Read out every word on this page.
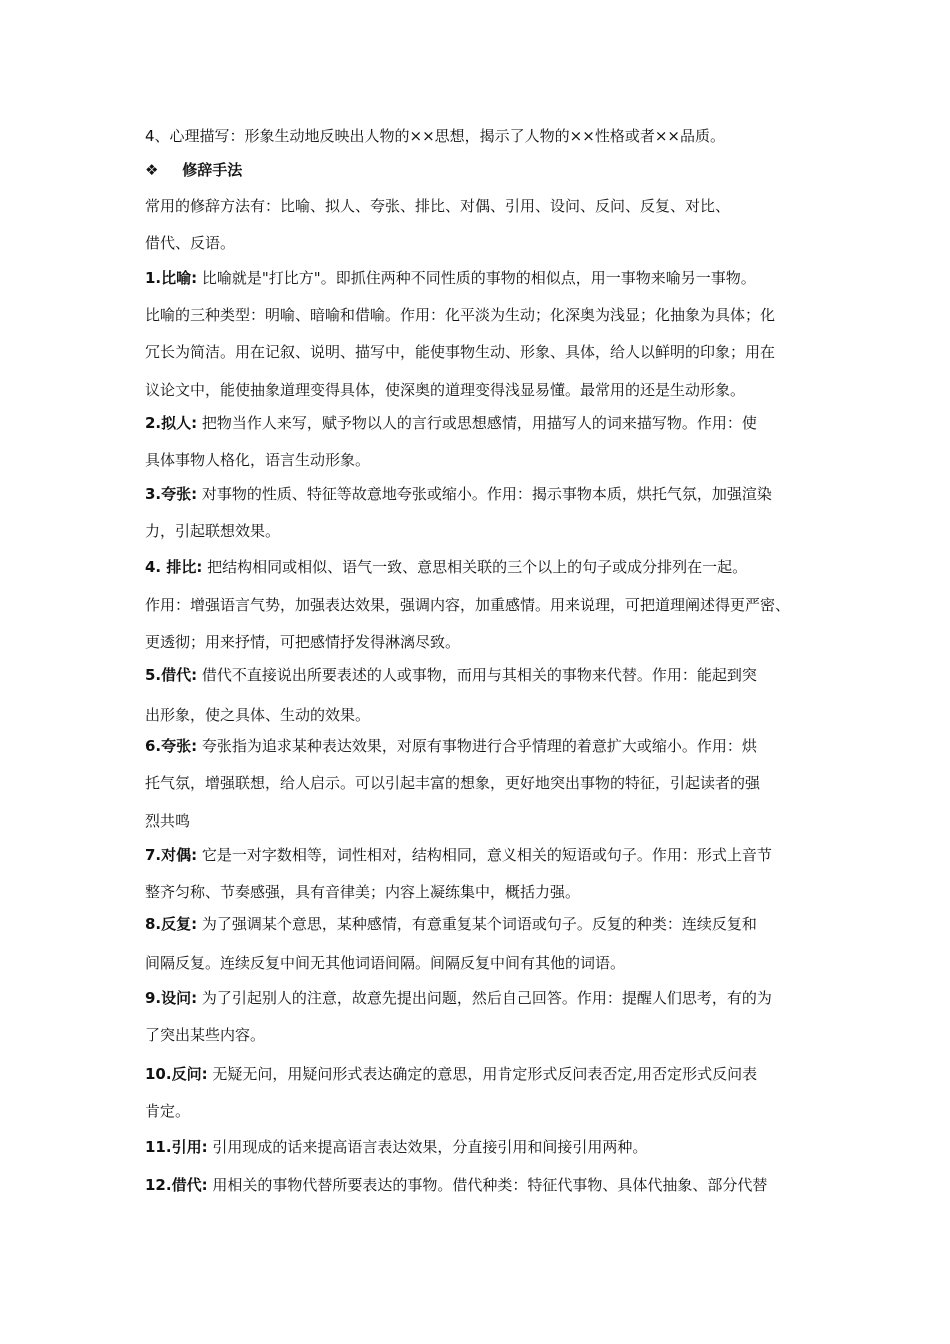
4、心理描写：形象生动地反映出人物的××思想，揭示了人物的××性格或者××品质。
❖ 修辞手法
常用的修辞方法有：比喻、拟人、夸张、排比、对偶、引用、设问、反问、反复、对比、
借代、反语。
1.比喻: 比喻就是"打比方"。即抓住两种不同性质的事物的相似点，用一事物来喻另一事物。
比喻的三种类型：明喻、暗喻和借喻。作用：化平淡为生动；化深奥为浅显；化抽象为具体；化
冗长为简洁。用在记叙、说明、描写中，能使事物生动、形象、具体，给人以鲜明的印象；用在
议论文中，能使抽象道理变得具体，使深奥的道理变得浅显易懂。最常用的还是生动形象。
2.拟人: 把物当作人来写，赋予物以人的言行或思想感情，用描写人的词来描写物。作用：使
具体事物人格化，语言生动形象。
3.夸张: 对事物的性质、特征等故意地夸张或缩小。作用：揭示事物本质，烘托气氛，加强渲染
力，引起联想效果。
4. 排比: 把结构相同或相似、语气一致、意思相关联的三个以上的句子或成分排列在一起。
作用：增强语言气势，加强表达效果，强调内容，加重感情。用来说理，可把道理阐述得更严密、
更透彻；用来抒情，可把感情抒发得淋漓尽致。
5.借代: 借代不直接说出所要表述的人或事物，而用与其相关的事物来代替。作用：能起到突
出形象，使之具体、生动的效果。
6.夸张: 夸张指为追求某种表达效果，对原有事物进行合乎情理的着意扩大或缩小。作用：烘
托气氛，增强联想，给人启示。可以引起丰富的想象，更好地突出事物的特征，引起读者的强
烈共鸣
7.对偶: 它是一对字数相等，词性相对，结构相同，意义相关的短语或句子。作用：形式上音节
整齐匀称、节奏感强，具有音律美；内容上凝练集中，概括力强。
8.反复: 为了强调某个意思，某种感情，有意重复某个词语或句子。反复的种类：连续反复和
间隔反复。连续反复中间无其他词语间隔。间隔反复中间有其他的词语。
9.设问: 为了引起别人的注意，故意先提出问题，然后自己回答。作用：提醒人们思考，有的为
了突出某些内容。
10.反问: 无疑无问，用疑问形式表达确定的意思，用肯定形式反问表否定,用否定形式反问表
肯定。
11.引用: 引用现成的话来提高语言表达效果，分直接引用和间接引用两种。
12.借代: 用相关的事物代替所要表达的事物。借代种类：特征代事物、具体代抽象、部分代替
